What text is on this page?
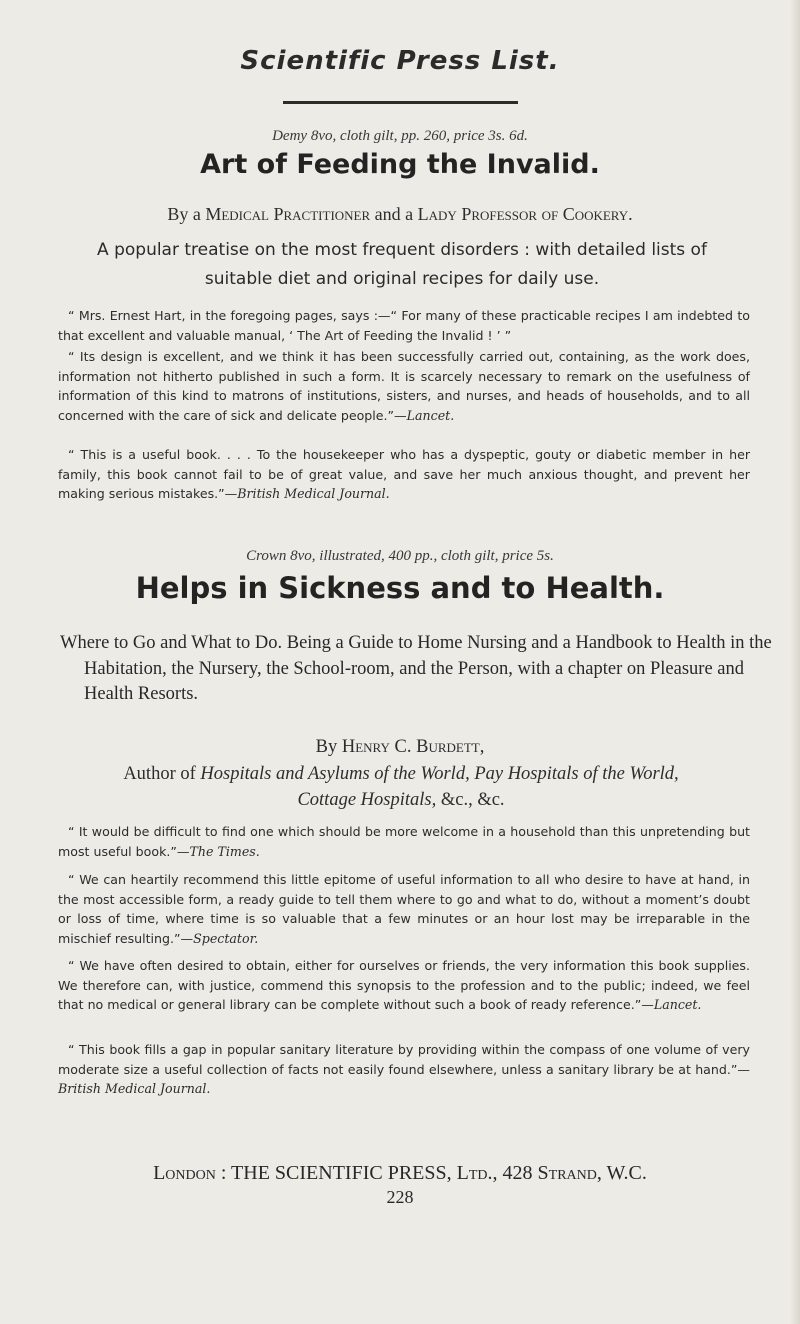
Scientific Press List.
Demy 8vo, cloth gilt, pp. 260, price 3s. 6d.
Art of Feeding the Invalid.
By a Medical Practitioner and a Lady Professor of Cookery.
A popular treatise on the most frequent disorders : with detailed lists of suitable diet and original recipes for daily use.
“ Mrs. Ernest Hart, in the foregoing pages, says :—“ For many of these practicable recipes I am indebted to that excellent and valuable manual, ‘ The Art of Feeding the Invalid ! ’ ”
“ Its design is excellent, and we think it has been successfully carried out, containing, as the work does, information not hitherto published in such a form. It is scarcely necessary to remark on the usefulness of information of this kind to matrons of institutions, sisters, and nurses, and heads of households, and to all concerned with the care of sick and delicate people.”—Lancet.
“ This is a useful book. . . . To the housekeeper who has a dyspeptic, gouty or diabetic member in her family, this book cannot fail to be of great value, and save her much anxious thought, and prevent her making serious mistakes.”—British Medical Journal.
Crown 8vo, illustrated, 400 pp., cloth gilt, price 5s.
Helps in Sickness and to Health.
Where to Go and What to Do. Being a Guide to Home Nursing and a Handbook to Health in the Habitation, the Nursery, the School-room, and the Person, with a chapter on Pleasure and Health Resorts.
By Henry C. Burdett,
Author of Hospitals and Asylums of the World, Pay Hospitals of the World, Cottage Hospitals, &c., &c.
“ It would be difficult to find one which should be more welcome in a household than this unpretending but most useful book.”—The Times.
“ We can heartily recommend this little epitome of useful information to all who desire to have at hand, in the most accessible form, a ready guide to tell them where to go and what to do, without a moment’s doubt or loss of time, where time is so valuable that a few minutes or an hour lost may be irreparable in the mischief resulting.”—Spectator.
“ We have often desired to obtain, either for ourselves or friends, the very information this book supplies. We therefore can, with justice, commend this synopsis to the profession and to the public; indeed, we feel that no medical or general library can be complete without such a book of ready reference.”—Lancet.
“ This book fills a gap in popular sanitary literature by providing within the compass of one volume of very moderate size a useful collection of facts not easily found elsewhere, unless a sanitary library be at hand.”—British Medical Journal.
London : THE SCIENTIFIC PRESS, Ltd., 428 Strand, W.C.
228
